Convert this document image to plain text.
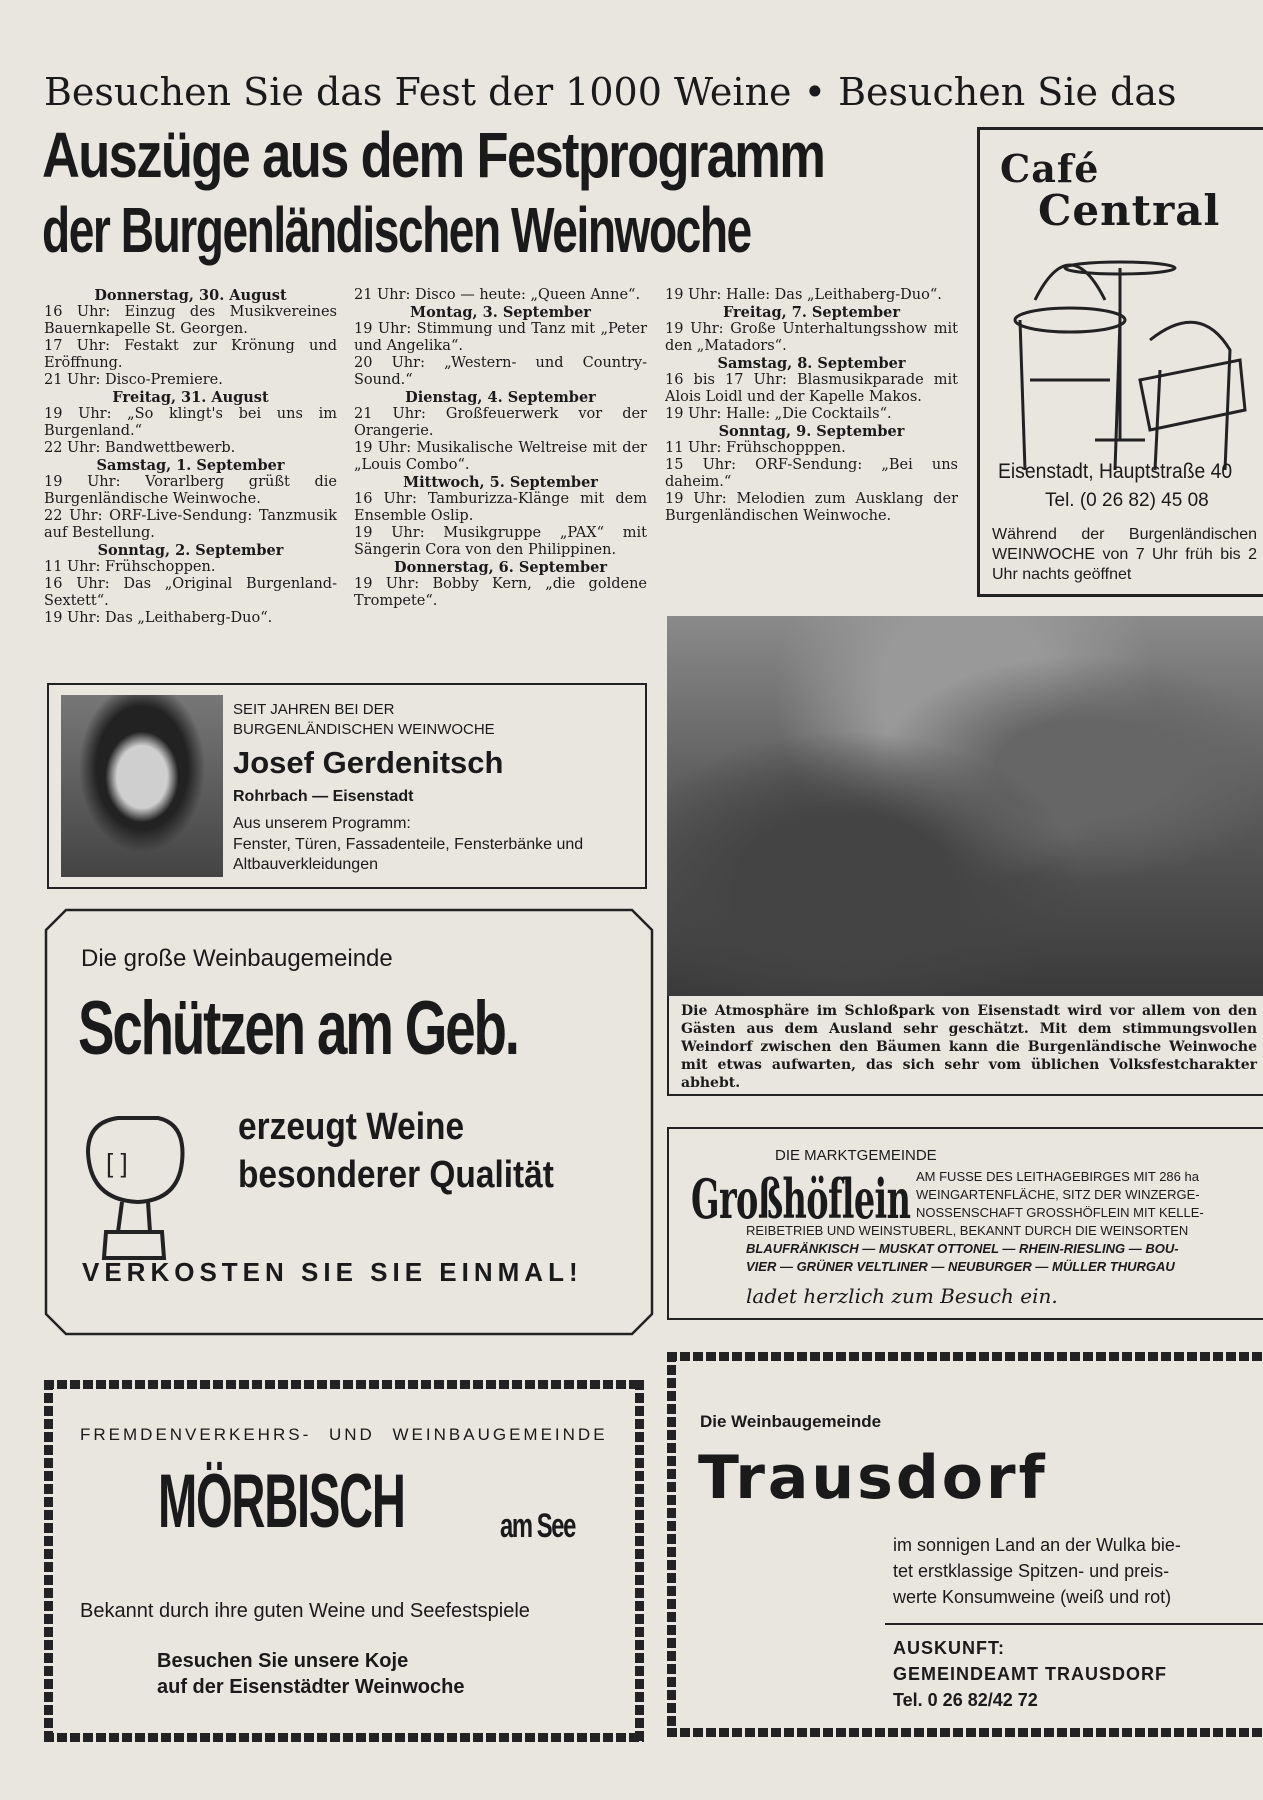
Besuchen Sie das Fest der 1000 Weine • Besuchen Sie das
Auszüge aus dem Festprogramm
der Burgenländischen Weinwoche
Donnerstag, 30. August
16 Uhr: Einzug des Musikvereines Bauernkapelle St. Georgen.
17 Uhr: Festakt zur Krönung und Eröffnung.
21 Uhr: Disco-Premiere.
Freitag, 31. August
19 Uhr: „So klingt's bei uns im Burgenland.“
22 Uhr: Bandwettbewerb.
Samstag, 1. September
19 Uhr: Vorarlberg grüßt die Burgenländische Weinwoche.
22 Uhr: ORF-Live-Sendung: Tanzmusik auf Bestellung.
Sonntag, 2. September
11 Uhr: Frühschoppen.
16 Uhr: Das „Original Burgenland-Sextett“.
19 Uhr: Das „Leithaberg-Duo“.
21 Uhr: Disco — heute: „Queen Anne“.
Montag, 3. September
19 Uhr: Stimmung und Tanz mit „Peter und Angelika“.
20 Uhr: „Western- und Country-Sound.“
Dienstag, 4. September
21 Uhr: Großfeuerwerk vor der Orangerie.
19 Uhr: Musikalische Weltreise mit der „Louis Combo“.
Mittwoch, 5. September
16 Uhr: Tamburizza-Klänge mit dem Ensemble Oslip.
19 Uhr: Musikgruppe „PAX“ mit Sängerin Cora von den Philippinen.
Donnerstag, 6. September
19 Uhr: Bobby Kern, „die goldene Trompete“.
19 Uhr: Halle: Das „Leithaberg-Duo“.
Freitag, 7. September
19 Uhr: Große Unterhaltungsshow mit den „Matadors“.
Samstag, 8. September
16 bis 17 Uhr: Blasmusikparade mit Alois Loidl und der Kapelle Makos.
19 Uhr: Halle: „Die Cocktails“.
Sonntag, 9. September
11 Uhr: Frühschopppen.
15 Uhr: ORF-Sendung: „Bei uns daheim.“
19 Uhr: Melodien zum Ausklang der Burgenländischen Weinwoche.
Café
Central
Eisenstadt, Hauptstraße 40
Tel. (0 26 82) 45 08
Während der Burgenländischen WEINWOCHE von 7 Uhr früh bis 2 Uhr nachts geöffnet
SEIT JAHREN BEI DER
BURGENLÄNDISCHEN WEINWOCHE
Josef Gerdenitsch
Rohrbach — Eisenstadt
Aus unserem Programm:
Fenster, Türen, Fassadenteile, Fensterbänke und Altbauverkleidungen
Die Atmosphäre im Schloßpark von Eisenstadt wird vor allem von den Gästen aus dem Ausland sehr geschätzt. Mit dem stimmungsvollen Weindorf zwischen den Bäumen kann die Burgenländische Weinwoche mit etwas aufwarten, das sich sehr vom üblichen Volksfestcharakter abhebt.
Die große Weinbaugemeinde
Schützen am Geb.
[ ]
erzeugt Weine
besonderer Qualität
VERKOSTEN SIE SIE EINMAL!
DIE MARKTGEMEINDE
Großhöflein AM FUSSE DES LEITHAGEBIRGES MIT 286 ha
WEINGARTENFLÄCHE, SITZ DER WINZERGE-
NOSSENSCHAFT GROSSHÖFLEIN MIT KELLE-
REIBETRIEB UND WEINSTUBERL, BEKANNT DURCH DIE WEINSORTEN
BLAUFRÄNKISCH — MUSKAT OTTONEL — RHEIN-RIESLING — BOU-
VIER — GRÜNER VELTLINER — NEUBURGER — MÜLLER THURGAU
ladet herzlich zum Besuch ein.
FREMDENVERKEHRS- UND WEINBAUGEMEINDE
MÖRBISCH	am See
Bekannt durch ihre guten Weine und Seefestspiele
Besuchen Sie unsere Koje
auf der Eisenstädter Weinwoche
Die Weinbaugemeinde
Trausdorf
im sonnigen Land an der Wulka bie-
tet erstklassige Spitzen- und preis-
werte Konsumweine (weiß und rot)
AUSKUNFT:
GEMEINDEAMT TRAUSDORF
Tel. 0 26 82/42 72
